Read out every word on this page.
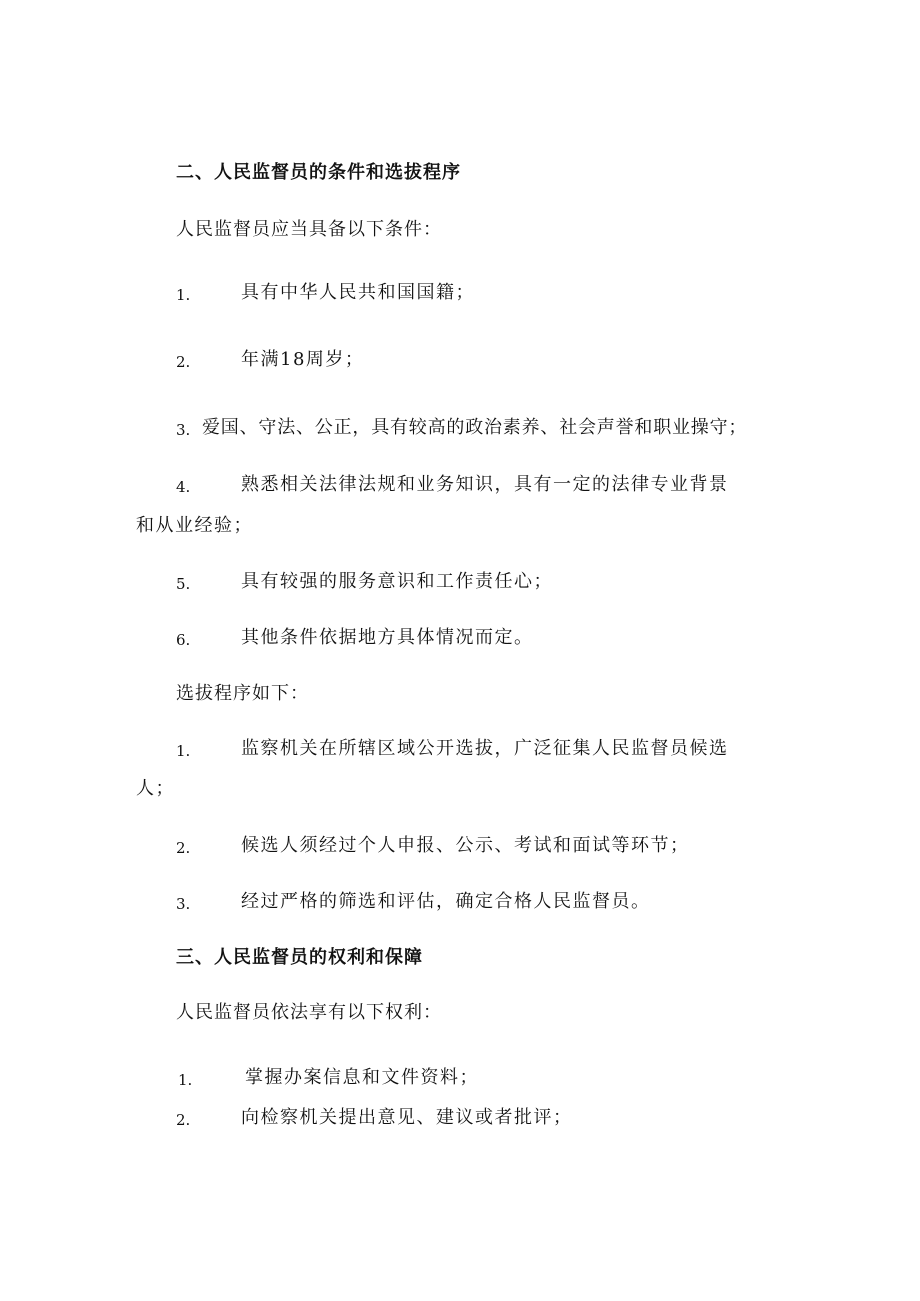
二、人民监督员的条件和选拔程序
人民监督员应当具备以下条件：
1.	具有中华人民共和国国籍；
2.	年满18周岁；
3. 爱国、守法、公正，具有较高的政治素养、社会声誉和职业操守；
4.	熟悉相关法律法规和业务知识，具有一定的法律专业背景
和从业经验；
5.	具有较强的服务意识和工作责任心；
6.	其他条件依据地方具体情况而定。
选拔程序如下：
1.	监察机关在所辖区域公开选拔，广泛征集人民监督员候选
人；
2.	候选人须经过个人申报、公示、考试和面试等环节；
3.	经过严格的筛选和评估，确定合格人民监督员。
三、人民监督员的权利和保障
人民监督员依法享有以下权利：
1.	掌握办案信息和文件资料；
2.	向检察机关提出意见、建议或者批评；
